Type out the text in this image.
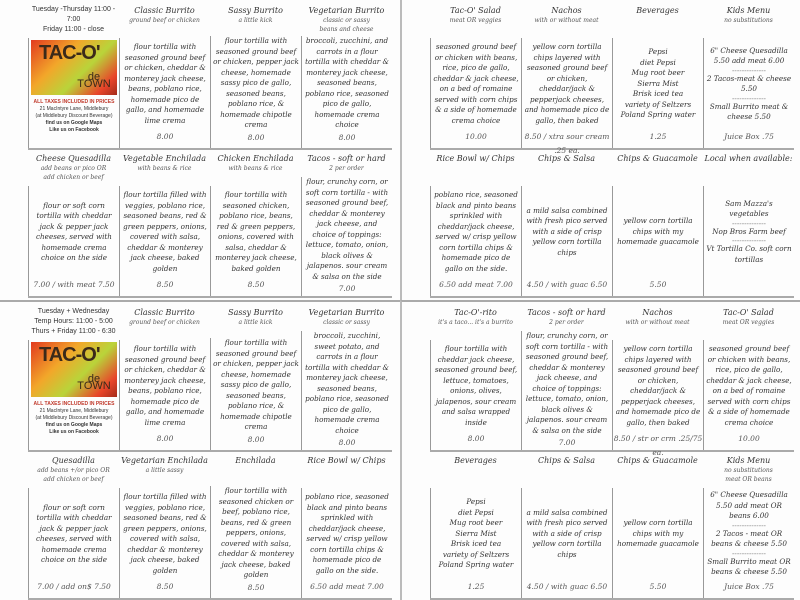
Tuesday -Thursday 11:00 -
7:00
Friday 11:00 - close
TAC-O'
de TOWN
ALL TAXES INCLUDED IN PRICES
21 MacIntyre Lane, Middlebury
(at Middlebury Discount Beverage)
find us on Google Maps
Like us on Facebook
Classic Burrito
ground beef or chicken
flour tortilla with seasoned ground beef or chicken, cheddar & monterey jack cheese, beans, poblano rice, homemade pico de gallo, and homemade lime crema
8.00
Sassy Burrito
a little kick
flour tortilla with seasoned ground beef or chicken, pepper jack cheese, homemade sassy pico de gallo, seasoned beans, poblano rice, & homemade chipotle crema
8.00
Vegetarian Burrito
classic or sassy
beans and cheese
broccoli, zucchini, and carrots in a flour tortilla with cheddar & monterey jack cheese, seasoned beans, poblano rice, seasoned pico de gallo, homemade crema choice
8.00
Cheese Quesadilla
add beans or pico OR
add chicken or beef
flour or soft corn tortilla with cheddar jack & pepper jack cheeses, served with homemade crema choice on the side
7.00 / with meat 7.50
Vegetable Enchilada
with beans & rice
flour tortilla filled with veggies, poblano rice, seasoned beans, red & green peppers, onions, covered with salsa, cheddar & monterey jack cheese, baked golden
8.50
Chicken Enchilada
with beans & rice
flour tortilla with seasoned chicken, poblano rice, beans, red & green peppers, onions, covered with salsa, cheddar & monterey jack cheese, baked golden
8.50
Tacos - soft or hard
2 per order
flour, crunchy corn, or soft corn tortilla - with seasoned ground beef, cheddar & monterey jack cheese, and choice of toppings: lettuce, tomato, onion, black olives & jalapenos. sour cream & salsa on the side
7.00
Tac-O' Salad
meat OR veggies
seasoned ground beef or chicken with beans, rice, pico de gallo, cheddar & jack cheese, on a bed of romaine served with corn chips & a side of homemade crema choice
10.00
Nachos
with or without meat
yellow corn tortilla chips layered with seasoned ground beef or chicken, cheddar/jack & pepperjack cheeses, and homemade pico de gallo, then baked
8.50 / xtra sour cream .25 ea.
Beverages
Pepsi
diet Pepsi
Mug root beer
Sierra Mist
Brisk iced tea
variety of Seltzers
Poland Spring water
1.25
Kids Menu
no substitutions
6" Cheese Quesadilla 5.50 add meat 6.00
--------------
2 Tacos-meat & cheese 5.50
--------------
Small Burrito meat & cheese 5.50
Juice Box .75
Rice Bowl w/ Chips
poblano rice, seasoned black and pinto beans sprinkled with cheddar/jack cheese, served w/ crisp yellow corn tortilla chips & homemade pico de gallo on the side.
6.50 add meat 7.00
Chips & Salsa
a mild salsa combined with fresh pico served with a side of crisp yellow corn tortilla chips
4.50 / with guac 6.50
Chips & Guacamole
yellow corn tortilla chips with my homemade guacamole
5.50
Local when available:
Sam Mazza's vegetables
--------------
Nop Bros Farm beef
--------------
Vt Tortilla Co. soft corn tortillas
Tuesday + Wednesday
Temp Hours: 11:00 - 5:00
Thurs + Friday 11:00 - 6:30
TAC-O'
de TOWN
ALL TAXES INCLUDED IN PRICES
21 MacIntyre Lane, Middlebury
(at Middlebury Discount Beverage)
find us on Google Maps
Like us on Facebook
Classic Burrito
ground beef or chicken
flour tortilla with seasoned ground beef or chicken, cheddar & monterey jack cheese, beans, poblano rice, homemade pico de gallo, and homemade lime crema
8.00
Sassy Burrito
a little kick
flour tortilla with seasoned ground beef or chicken, pepper jack cheese, homemade sassy pico de gallo, seasoned beans, poblano rice, & homemade chipotle crema
8.00
Vegetarian Burrito
classic or sassy
broccoli, zucchini, sweet potato, and carrots in a flour tortilla with cheddar & monterey jack cheese, seasoned beans, poblano rice, seasoned pico de gallo, homemade crema choice
8.00
Quesadilla
add beans +/or pico OR
add chicken or beef
flour or soft corn tortilla with cheddar jack & pepper jack cheeses, served with homemade crema choice on the side
7.00 / add on$ 7.50
Vegetarian Enchilada
a little sassy
flour tortilla filled with veggies, poblano rice, seasoned beans, red & green peppers, onions, covered with salsa, cheddar & monterey jack cheese, baked golden
8.50
Enchilada
flour tortilla with seasoned chicken or beef, poblano rice, beans, red & green peppers, onions, covered with salsa, cheddar & monterey jack cheese, baked golden
8.50
Rice Bowl w/ Chips
poblano rice, seasoned black and pinto beans sprinkled with cheddar/jack cheese, served w/ crisp yellow corn tortilla chips & homemade pico de gallo on the side.
6.50 add meat 7.00
Tac-O'-rito
it's a taco... it's a burrito
flour tortilla with cheddar jack cheese, seasoned ground beef, lettuce, tomatoes, onions, olives, jalapenos, sour cream and salsa wrapped inside
8.00
Tacos - soft or hard
2 per order
flour, crunchy corn, or soft corn tortilla - with seasoned ground beef, cheddar & monterey jack cheese, and choice of toppings: lettuce, tomato, onion, black olives & jalapenos. sour cream & salsa on the side
7.00
Nachos
with or without meat
yellow corn tortilla chips layered with seasoned ground beef or chicken, cheddar/jack & pepperjack cheeses, and homemade pico de gallo, then baked
8.50 / str or crm .25/75 ea.
Tac-O' Salad
meat OR veggies
seasoned ground beef or chicken with beans, rice, pico de gallo, cheddar & jack cheese, on a bed of romaine served with corn chips & a side of homemade crema choice
10.00
Beverages
Pepsi
diet Pepsi
Mug root beer
Sierra Mist
Brisk iced tea
variety of Seltzers
Poland Spring water
1.25
Chips & Salsa
a mild salsa combined with fresh pico served with a side of crisp yellow corn tortilla chips
4.50 / with guac 6.50
Chips & Guacamole
yellow corn tortilla chips with my homemade guacamole
5.50
Kids Menu
no substitutions
meat OR beans
6" Cheese Quesadilla 5.50 add meat OR beans 6.00
--------------
2 Tacos - meat OR beans & cheese 5.50
--------------
Small Burrito meat OR beans & cheese 5.50
Juice Box .75
